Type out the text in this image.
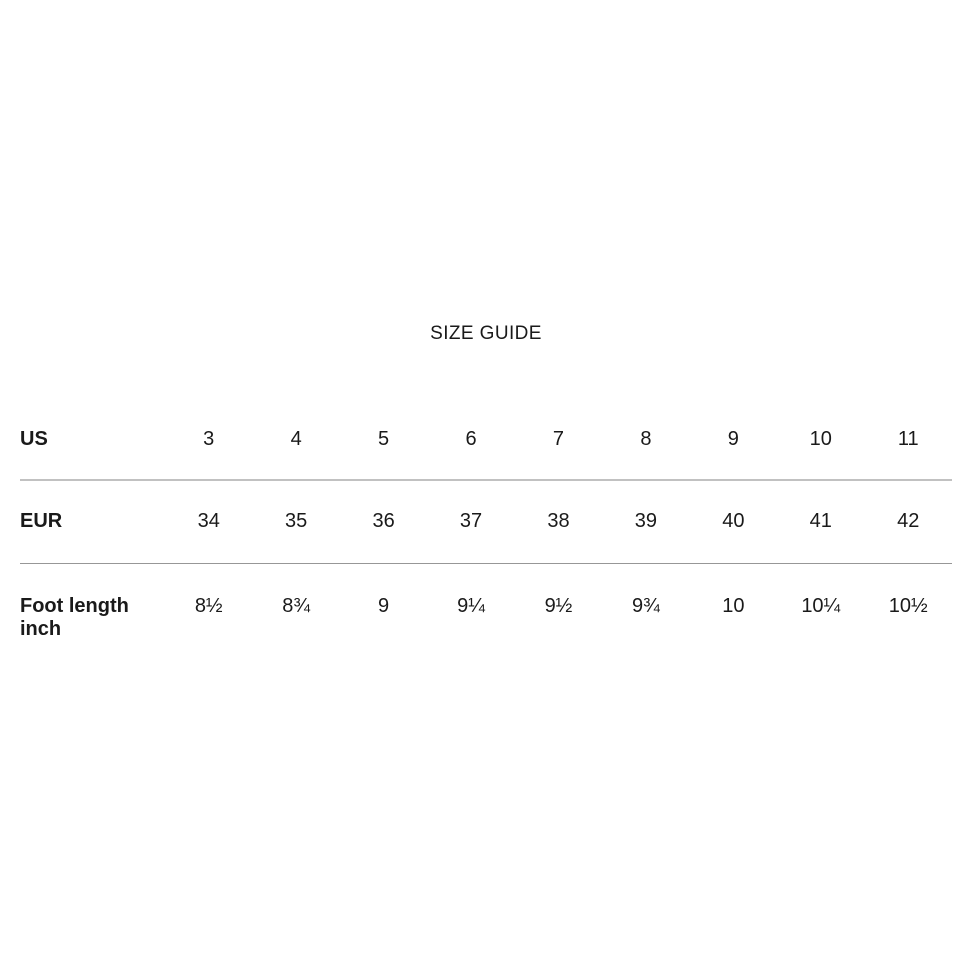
SIZE GUIDE
US	3	4	5	6	7	8	9	10	11
EUR	34	35	36	37	38	39	40	41	42
Foot length inch	8½	8¾	9	9¼	9½	9¾	10	10¼	10½
